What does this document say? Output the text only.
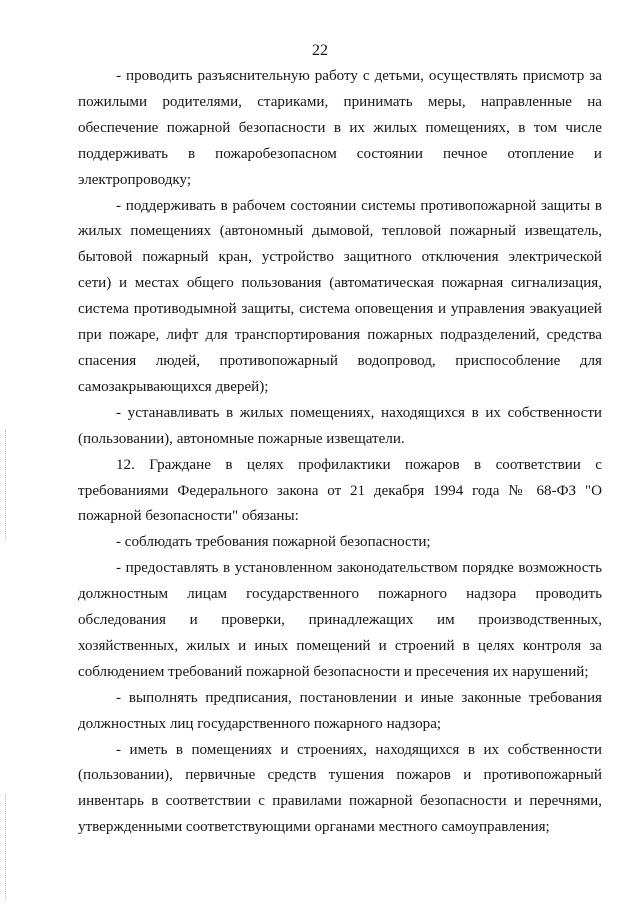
22

- проводить разъяснительную работу с детьми, осуществлять присмотр за пожилыми родителями, стариками, принимать меры, направленные на обеспечение пожарной безопасности в их жилых помещениях, в том числе поддерживать в пожаробезопасном состоянии печное отопление и электропроводку;

- поддерживать в рабочем состоянии системы противопожарной защиты в жилых помещениях (автономный дымовой, тепловой пожарный извещатель, бытовой пожарный кран, устройство защитного отключения электрической сети) и местах общего пользования (автоматическая пожарная сигнализация, система противодымной защиты, система оповещения и управления эвакуацией при пожаре, лифт для транспортирования пожарных подразделений, средства спасения людей, противопожарный водопровод, приспособление для самозакрывающихся дверей);

- устанавливать в жилых помещениях, находящихся в их собственности (пользовании), автономные пожарные извещатели.

12. Граждане в целях профилактики пожаров в соответствии с требованиями Федерального закона от 21 декабря 1994 года № 68-ФЗ "О пожарной безопасности" обязаны:

- соблюдать требования пожарной безопасности;

- предоставлять в установленном законодательством порядке возможность должностным лицам государственного пожарного надзора проводить обследования и проверки, принадлежащих им производственных, хозяйственных, жилых и иных помещений и строений в целях контроля за соблюдением требований пожарной безопасности и пресечения их нарушений;

- выполнять предписания, постановлении и иные законные требования должностных лиц государственного пожарного надзора;

- иметь в помещениях и строениях, находящихся в их собственности (пользовании), первичные средств тушения пожаров и противопожарный инвентарь в соответствии с правилами пожарной безопасности и перечнями, утвержденными соответствующими органами местного самоуправления;
